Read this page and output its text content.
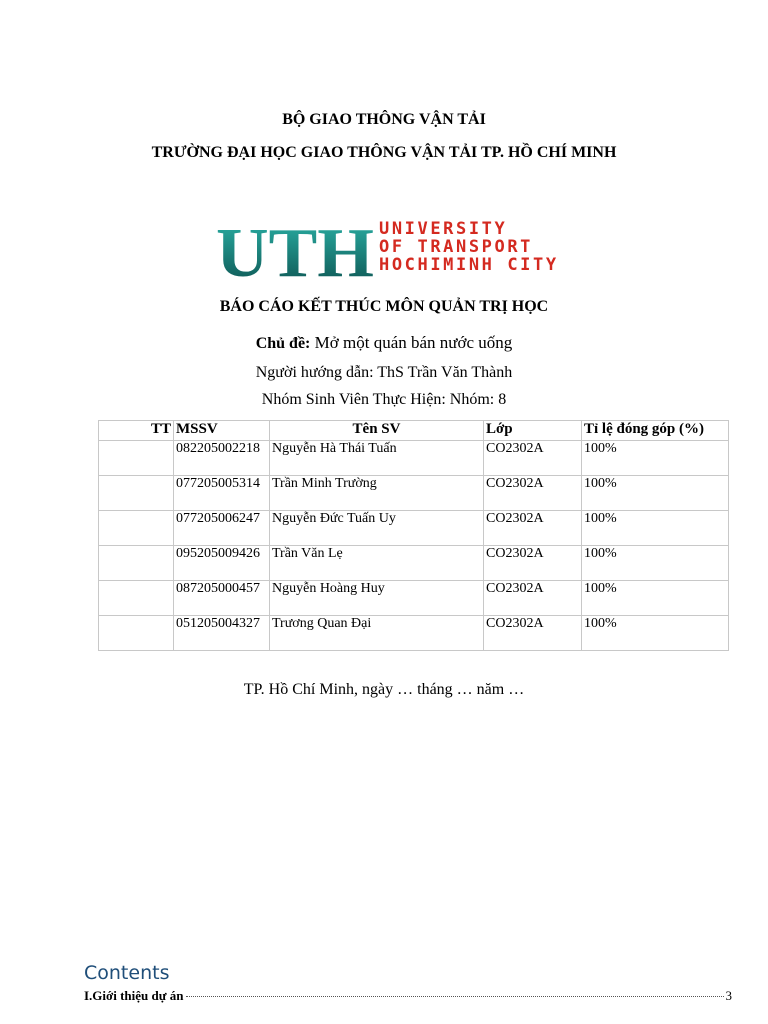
BỘ GIAO THÔNG VẬN TẢI
TRƯỜNG ĐẠI HỌC GIAO THÔNG VẬN TẢI TP. HỒ CHÍ MINH
UTH UNIVERSITY
OF TRANSPORT
HOCHIMINH CITY
BÁO CÁO KẾT THÚC MÔN QUẢN TRỊ HỌC
Chủ đề: Mở một quán bán nước uống
Người hướng dẫn: ThS Trần Văn Thành
Nhóm Sinh Viên Thực Hiện: Nhóm: 8
TT	MSSV	Tên SV	Lớp	Tỉ lệ đóng góp (%)
	082205002218	Nguyễn Hà Thái Tuấn	CO2302A	100%
	077205005314	Trần Minh Trường	CO2302A	100%
	077205006247	Nguyễn Đức Tuấn Uy	CO2302A	100%
	095205009426	Trần Văn Lẹ	CO2302A	100%
	087205000457	Nguyễn Hoàng Huy	CO2302A	100%
	051205004327	Trương Quan Đại	CO2302A	100%
TP. Hồ Chí Minh, ngày … tháng … năm …
Contents
I.Giới thiệu dự án	3
